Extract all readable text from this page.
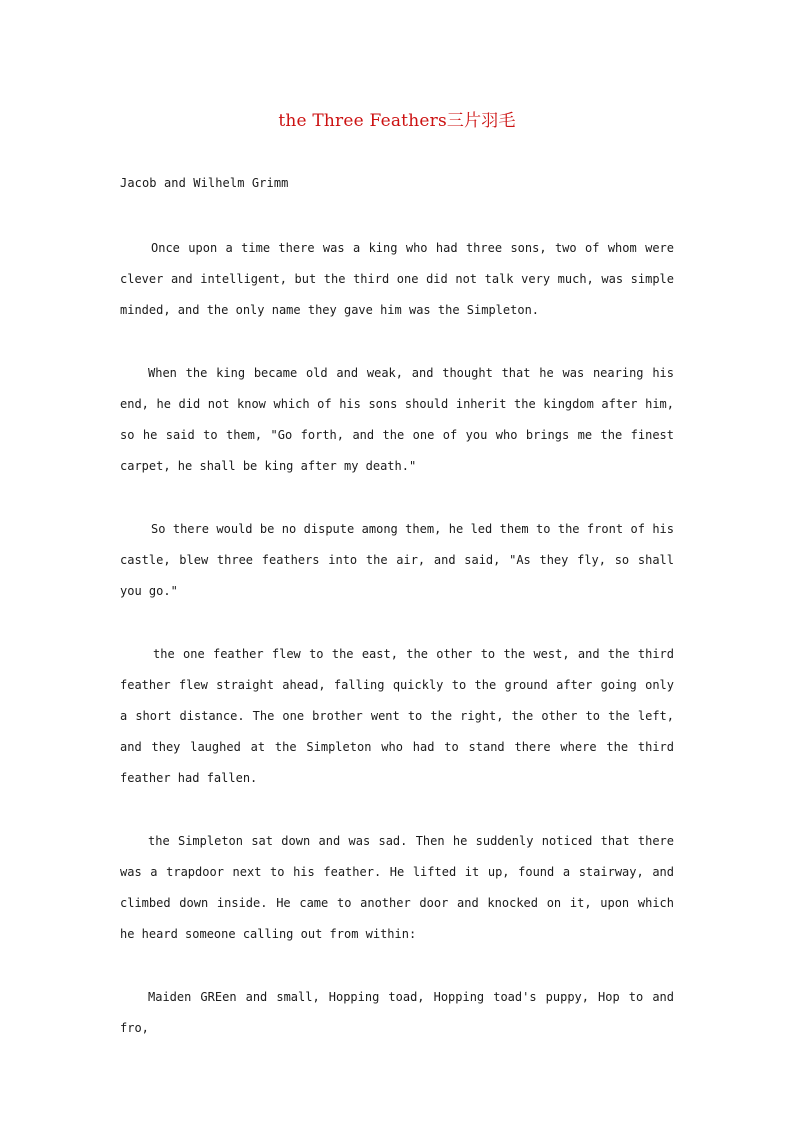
the Three Feathers三片羽毛
Jacob and Wilhelm Grimm

Once upon a time there was a king who had three sons, two of whom were clever and intelligent, but the third one did not talk very much, was simple minded, and the only name they gave him was the Simpleton.

When the king became old and weak, and thought that he was nearing his end, he did not know which of his sons should inherit the kingdom after him, so he said to them, "Go forth, and the one of you who brings me the finest carpet, he shall be king after my death."

So there would be no dispute among them, he led them to the front of his castle, blew three feathers into the air, and said, "As they fly, so shall you go."

the one feather flew to the east, the other to the west, and the third feather flew straight ahead, falling quickly to the ground after going only a short distance. The one brother went to the right, the other to the left, and they laughed at the Simpleton who had to stand there where the third feather had fallen.

the Simpleton sat down and was sad. Then he suddenly noticed that there was a trapdoor next to his feather. He lifted it up, found a stairway, and climbed down inside. He came to another door and knocked on it, upon which he heard someone calling out from within:

Maiden GREen and small, Hopping toad, Hopping toad's puppy, Hop to and fro,
